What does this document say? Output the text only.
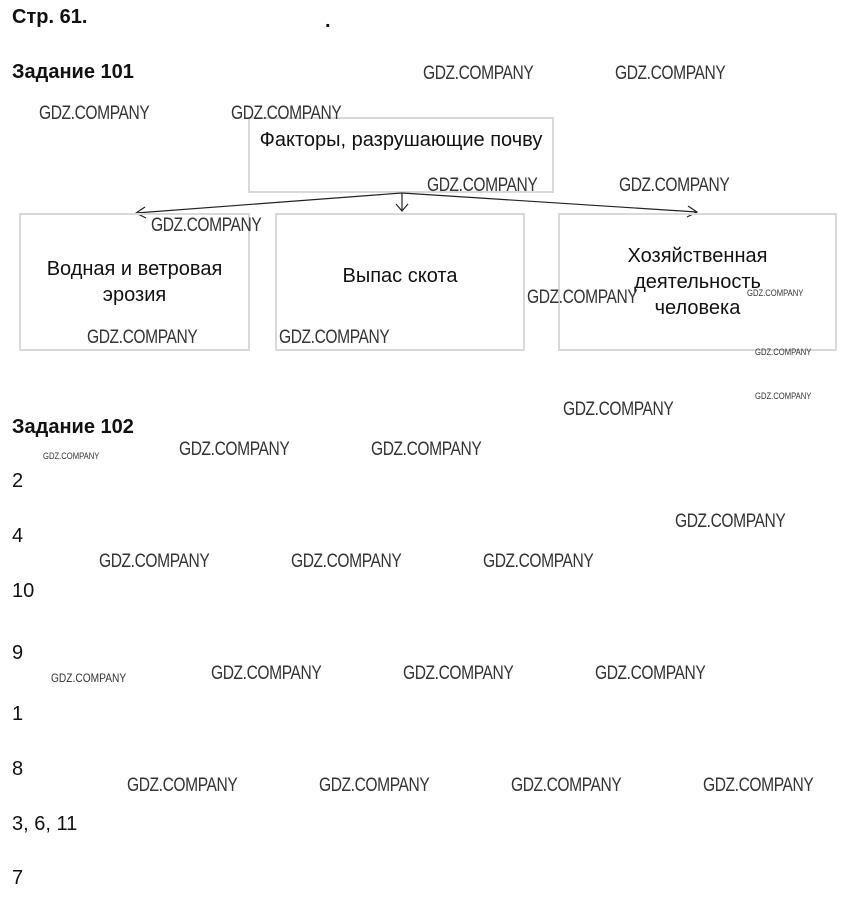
Стр. 61.	.
Задание 101
Факторы, разрушающие почву
Водная и ветровая эрозия
Выпас скота
Хозяйственная деятельность человека
Задание 102
2
4
10
9
1
8
3, 6, 11
7
GDZ.COMPANY	GDZ.COMPANY
GDZ.COMPANY	GDZ.COMPANY
GDZ.COMPANY	GDZ.COMPANY
GDZ.COMPANY
GDZ.COMPANY	GDZ.COMPANY
GDZ.COMPANY	GDZ.COMPANY
GDZ.COMPANY
GDZ.COMPANY
GDZ.COMPANY
GDZ.COMPANY	GDZ.COMPANY
GDZ.COMPANY
GDZ.COMPANY
GDZ.COMPANY	GDZ.COMPANY	GDZ.COMPANY
GDZ.COMPANY	GDZ.COMPANY	GDZ.COMPANY
GDZ.COMPANY
GDZ.COMPANY	GDZ.COMPANY	GDZ.COMPANY	GDZ.COMPANY
